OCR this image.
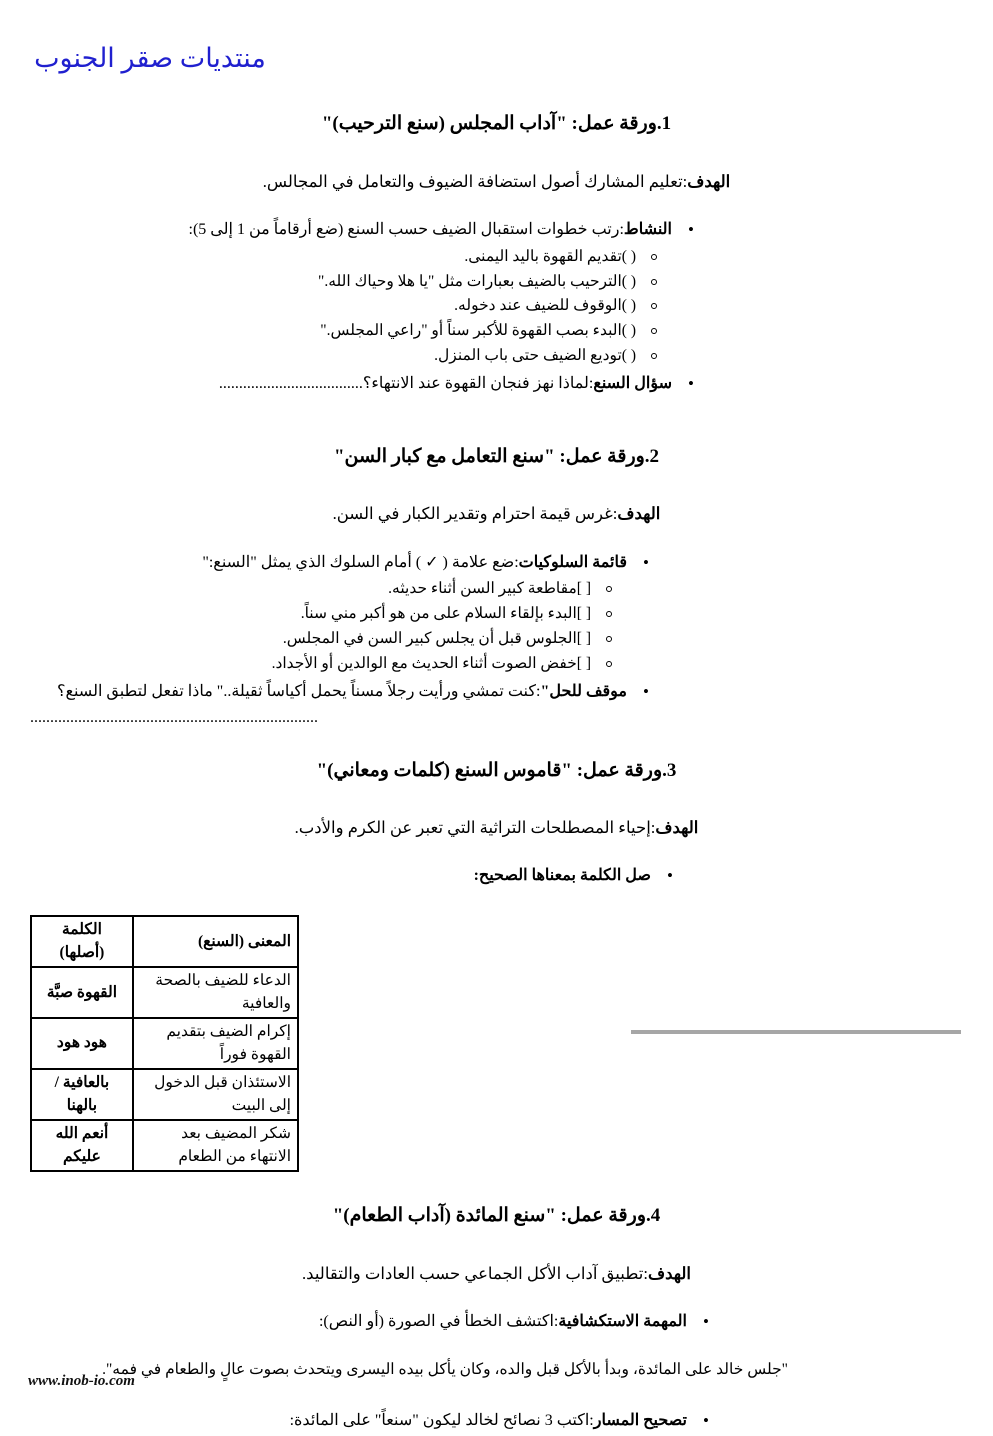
منتديات صقر الجنوب
1.ورقة عمل: "آداب المجلس (سنع الترحيب)"
الهدف:تعليم المشارك أصول استضافة الضيوف والتعامل في المجالس.
• النشاط:رتب خطوات استقبال الضيف حسب السنع (ضع أرقاماً من 1 إلى 5):
( )تقديم القهوة باليد اليمنى.
( )الترحيب بالضيف بعبارات مثل "يا هلا وحياك الله."
( )الوقوف للضيف عند دخوله.
( )البدء بصب القهوة للأكبر سناً أو "راعي المجلس."
( )توديع الضيف حتى باب المنزل.
• سؤال السنع:لماذا نهز فنجان القهوة عند الانتهاء؟....................................
2.ورقة عمل: "سنع التعامل مع كبار السن"
الهدف:غرس قيمة احترام وتقدير الكبار في السن.
• قائمة السلوكيات:ضع علامة ( ✓ ) أمام السلوك الذي يمثل "السنع:"
[ ]مقاطعة كبير السن أثناء حديثه.
[ ]البدء بإلقاء السلام على من هو أكبر مني سناً.
[ ]الجلوس قبل أن يجلس كبير السن في المجلس.
[ ]خفض الصوت أثناء الحديث مع الوالدين أو الأجداد.
• موقف للحل":كنت تمشي ورأيت رجلاً مسناً يحمل أكياساً ثقيلة.." ماذا تفعل لتطبق السنع؟
........................................................................
3.ورقة عمل: "قاموس السنع (كلمات ومعاني)"
الهدف:إحياء المصطلحات التراثية التي تعبر عن الكرم والأدب.
• صل الكلمة بمعناها الصحيح:
المعنى (السنع)	الكلمة (أصلها)
الدعاء للضيف بالصحة والعافية	القهوة صبَّة
إكرام الضيف بتقديم القهوة فوراً	هود هود
الاستئذان قبل الدخول إلى البيت	بالعافية / بالهنا
شكر المضيف بعد الانتهاء من الطعام	أنعم الله عليكم
4.ورقة عمل: "سنع المائدة (آداب الطعام)"
الهدف:تطبيق آداب الأكل الجماعي حسب العادات والتقاليد.
• المهمة الاستكشافية:اكتشف الخطأ في الصورة (أو النص):
"جلس خالد على المائدة، وبدأ بالأكل قبل والده، وكان يأكل بيده اليسرى ويتحدث بصوت عالٍ والطعام في فمه".
• تصحيح المسار:اكتب 3 نصائح لخالد ليكون "سنعاً" على المائدة:
www.inob-io.com
